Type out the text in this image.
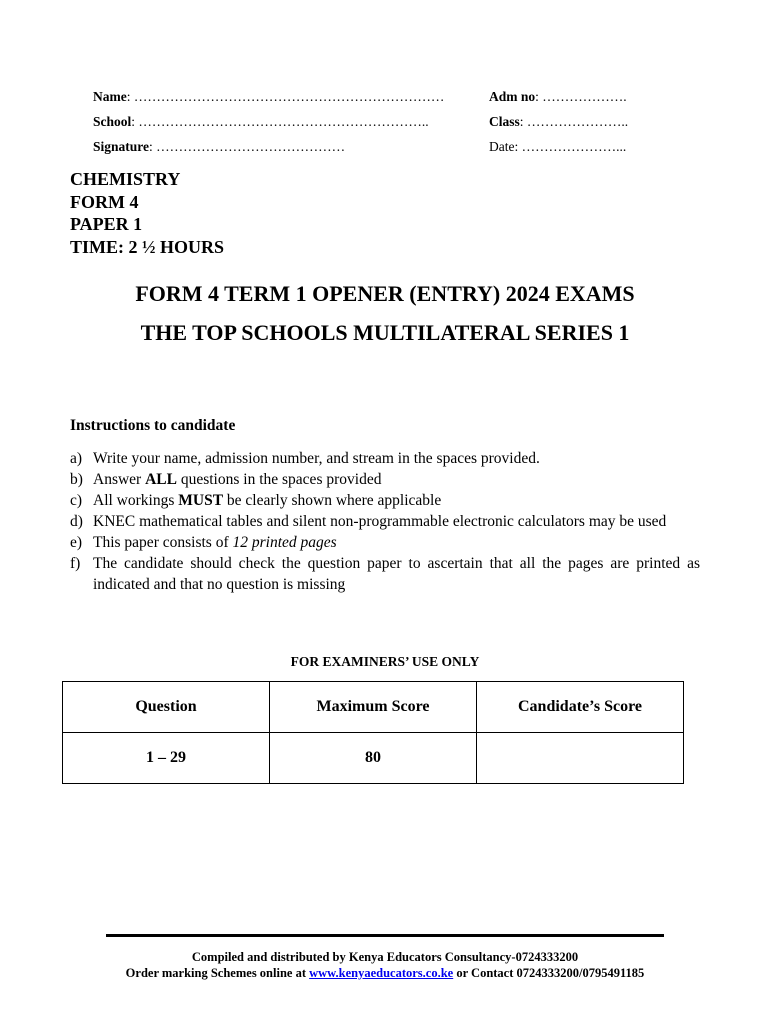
Name: ……………………………………………………………	Adm no: ……………….
School: ………………………………………………………..	Class: …………………..
Signature: ……………………………………	Date: …………………...
CHEMISTRY
FORM 4
PAPER 1
TIME: 2 ½ HOURS
FORM 4 TERM 1 OPENER (ENTRY) 2024 EXAMS
THE TOP SCHOOLS MULTILATERAL SERIES 1
Instructions to candidate
a) Write your name, admission number, and stream in the spaces provided.
b) Answer ALL questions in the spaces provided
c) All workings MUST be clearly shown where applicable
d) KNEC mathematical tables and silent non-programmable electronic calculators may be used
e) This paper consists of 12 printed pages
f) The candidate should check the question paper to ascertain that all the pages are printed as indicated and that no question is missing
FOR EXAMINERS’ USE ONLY
Question	Maximum Score	Candidate’s Score
1 – 29	80	
Compiled and distributed by Kenya Educators Consultancy-0724333200
Order marking Schemes online at www.kenyaeducators.co.ke or Contact 0724333200/0795491185
